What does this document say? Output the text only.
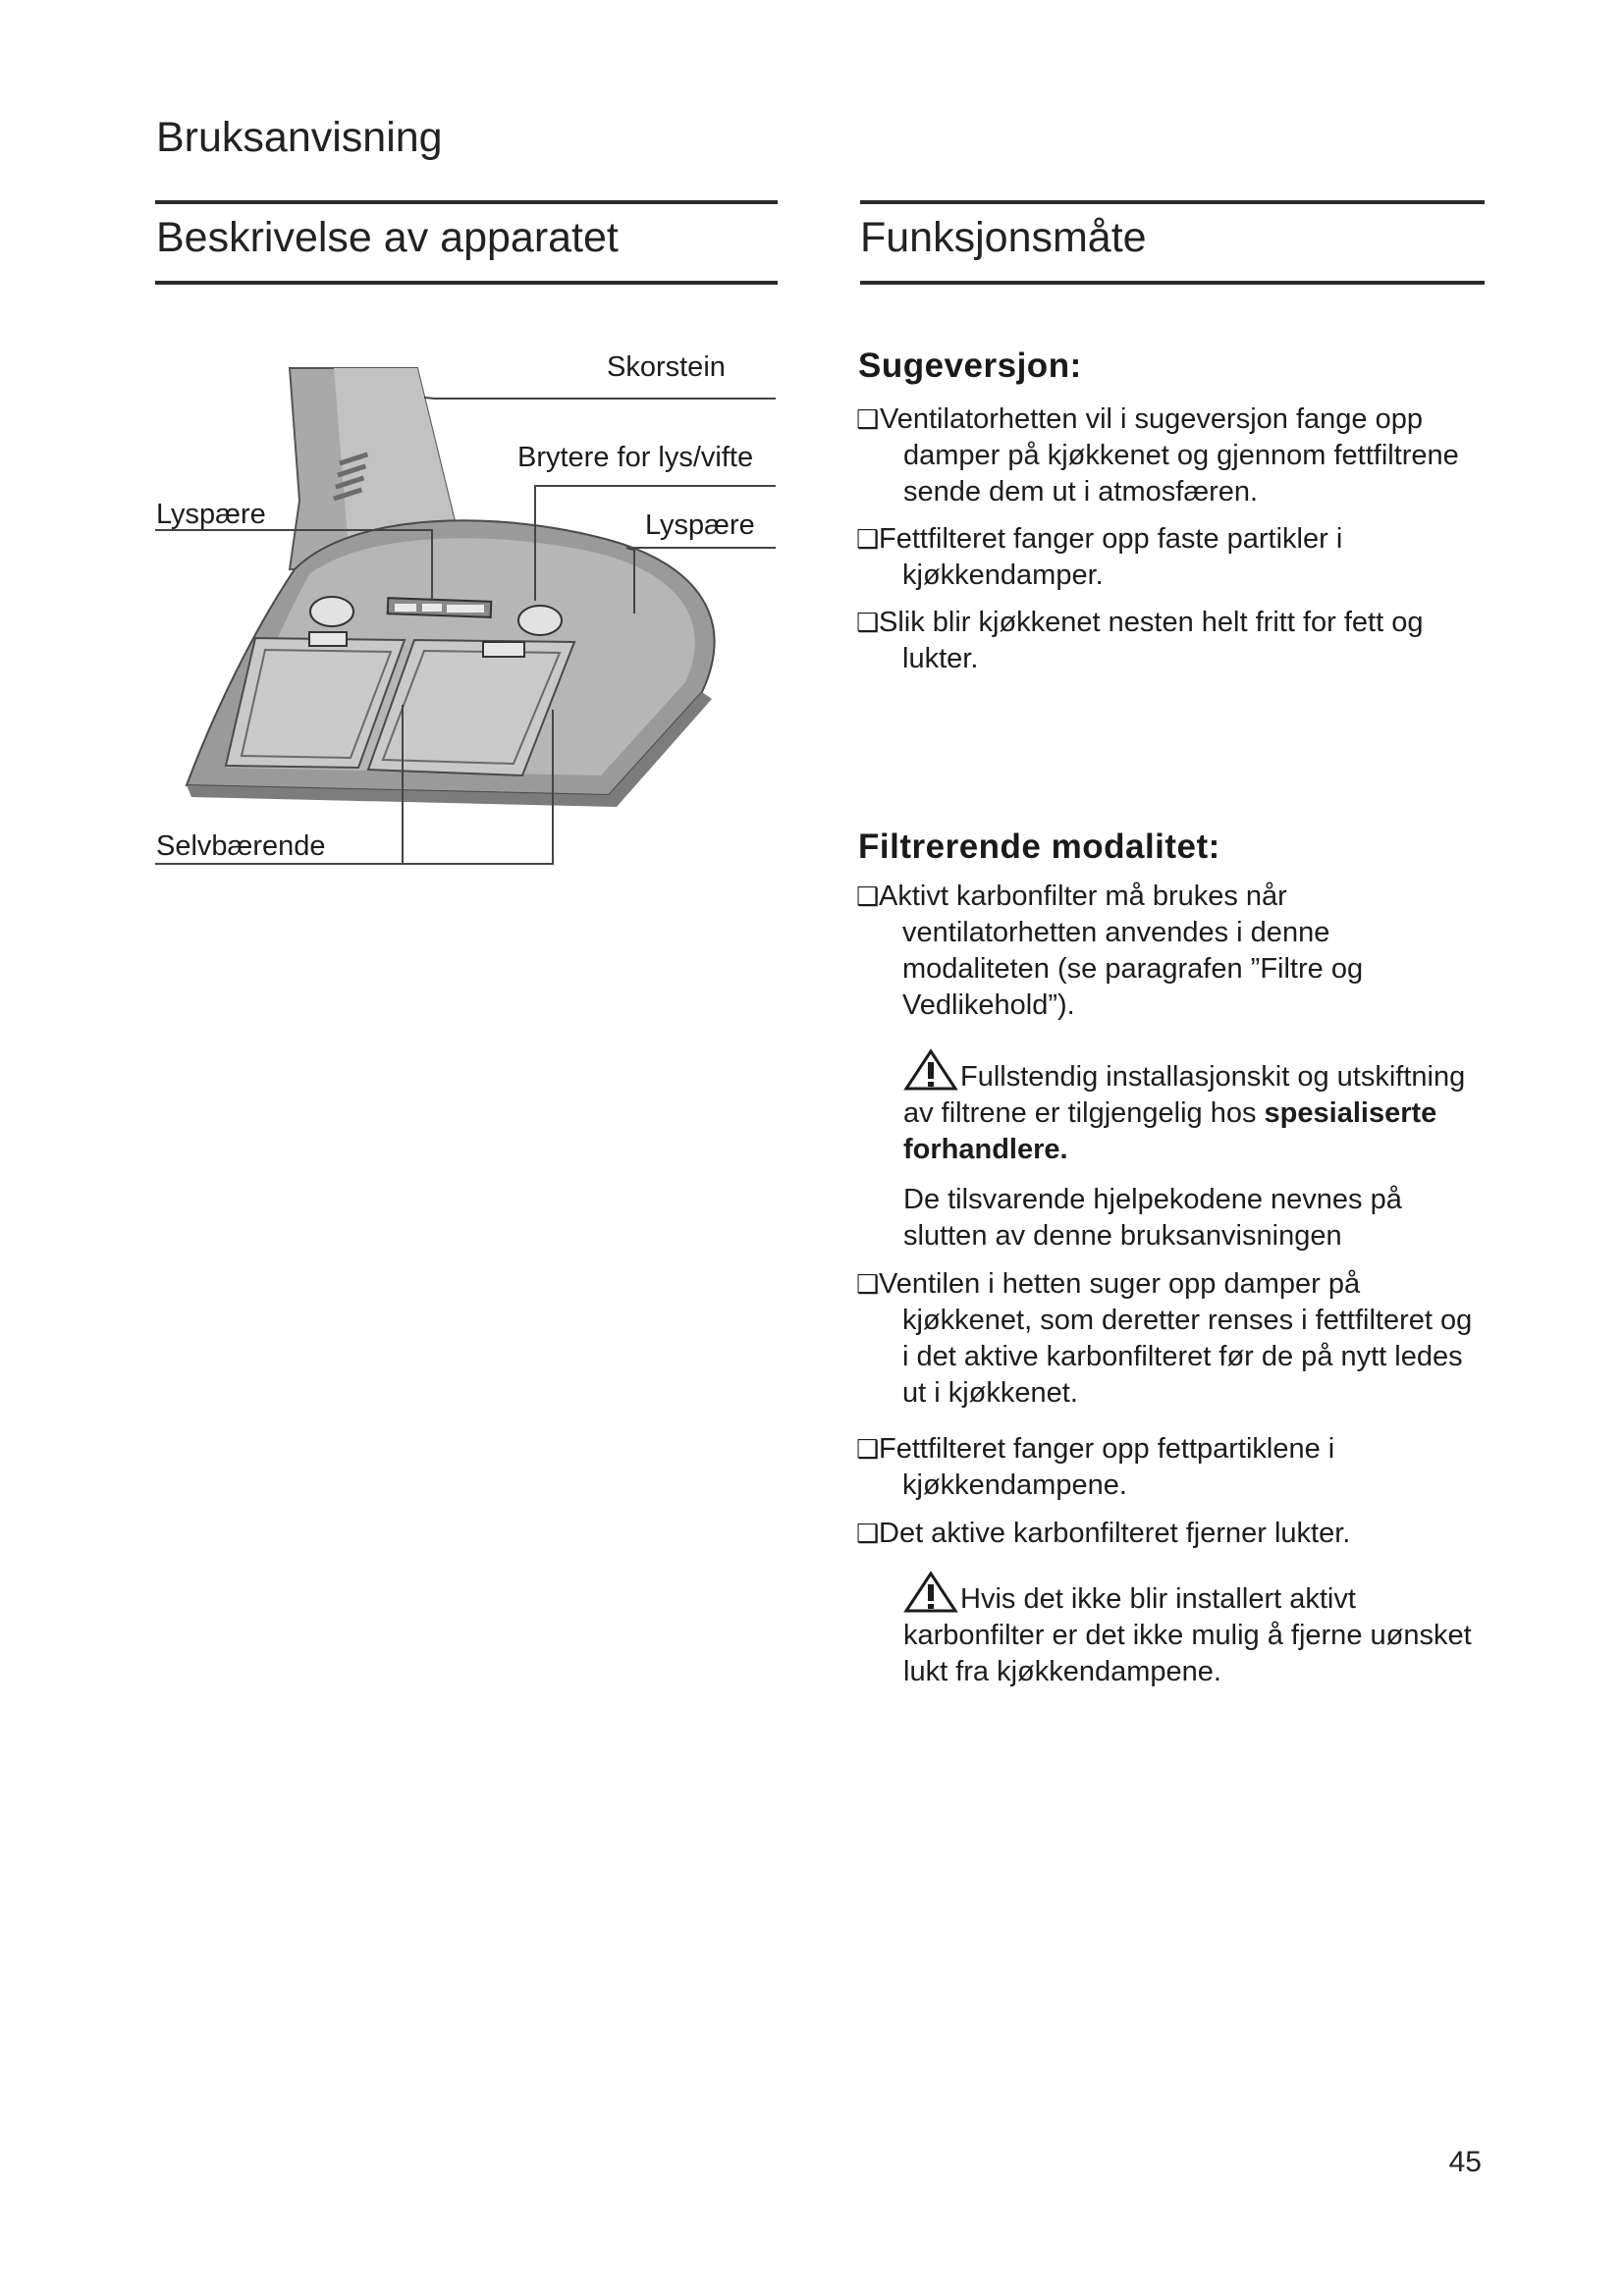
Bruksanvisning
Beskrivelse av apparatet	Funksjonsmåte
Skorstein
Brytere for lys/vifte
Lyspære	Lyspære
Selvbærende
Sugeversjon:
❑ Ventilatorhetten vil i sugeversjon fange opp damper på kjøkkenet og gjennom fettfiltrene sende dem ut i atmosfæren.
❑ Fettfilteret fanger opp faste partikler i kjøkkendamper.
❑ Slik blir kjøkkenet nesten helt fritt for fett og lukter.
Filtrerende modalitet:
❑ Aktivt karbonfilter må brukes når ventilatorhetten anvendes i denne modaliteten (se paragrafen ”Filtre og Vedlikehold”).
Fullstendig installasjonskit og utskiftning av filtrene er tilgjengelig hos spesialiserte forhandlere.
De tilsvarende hjelpekodene nevnes på slutten av denne bruksanvisningen
❑ Ventilen i hetten suger opp damper på kjøkkenet, som deretter renses i fettfilteret og i det aktive karbonfilteret før de på nytt ledes ut i kjøkkenet.
❑ Fettfilteret fanger opp fettpartiklene i kjøkkendampene.
❑ Det aktive karbonfilteret fjerner lukter.
Hvis det ikke blir installert aktivt karbonfilter er det ikke mulig å fjerne uønsket lukt fra kjøkkendampene.
45
